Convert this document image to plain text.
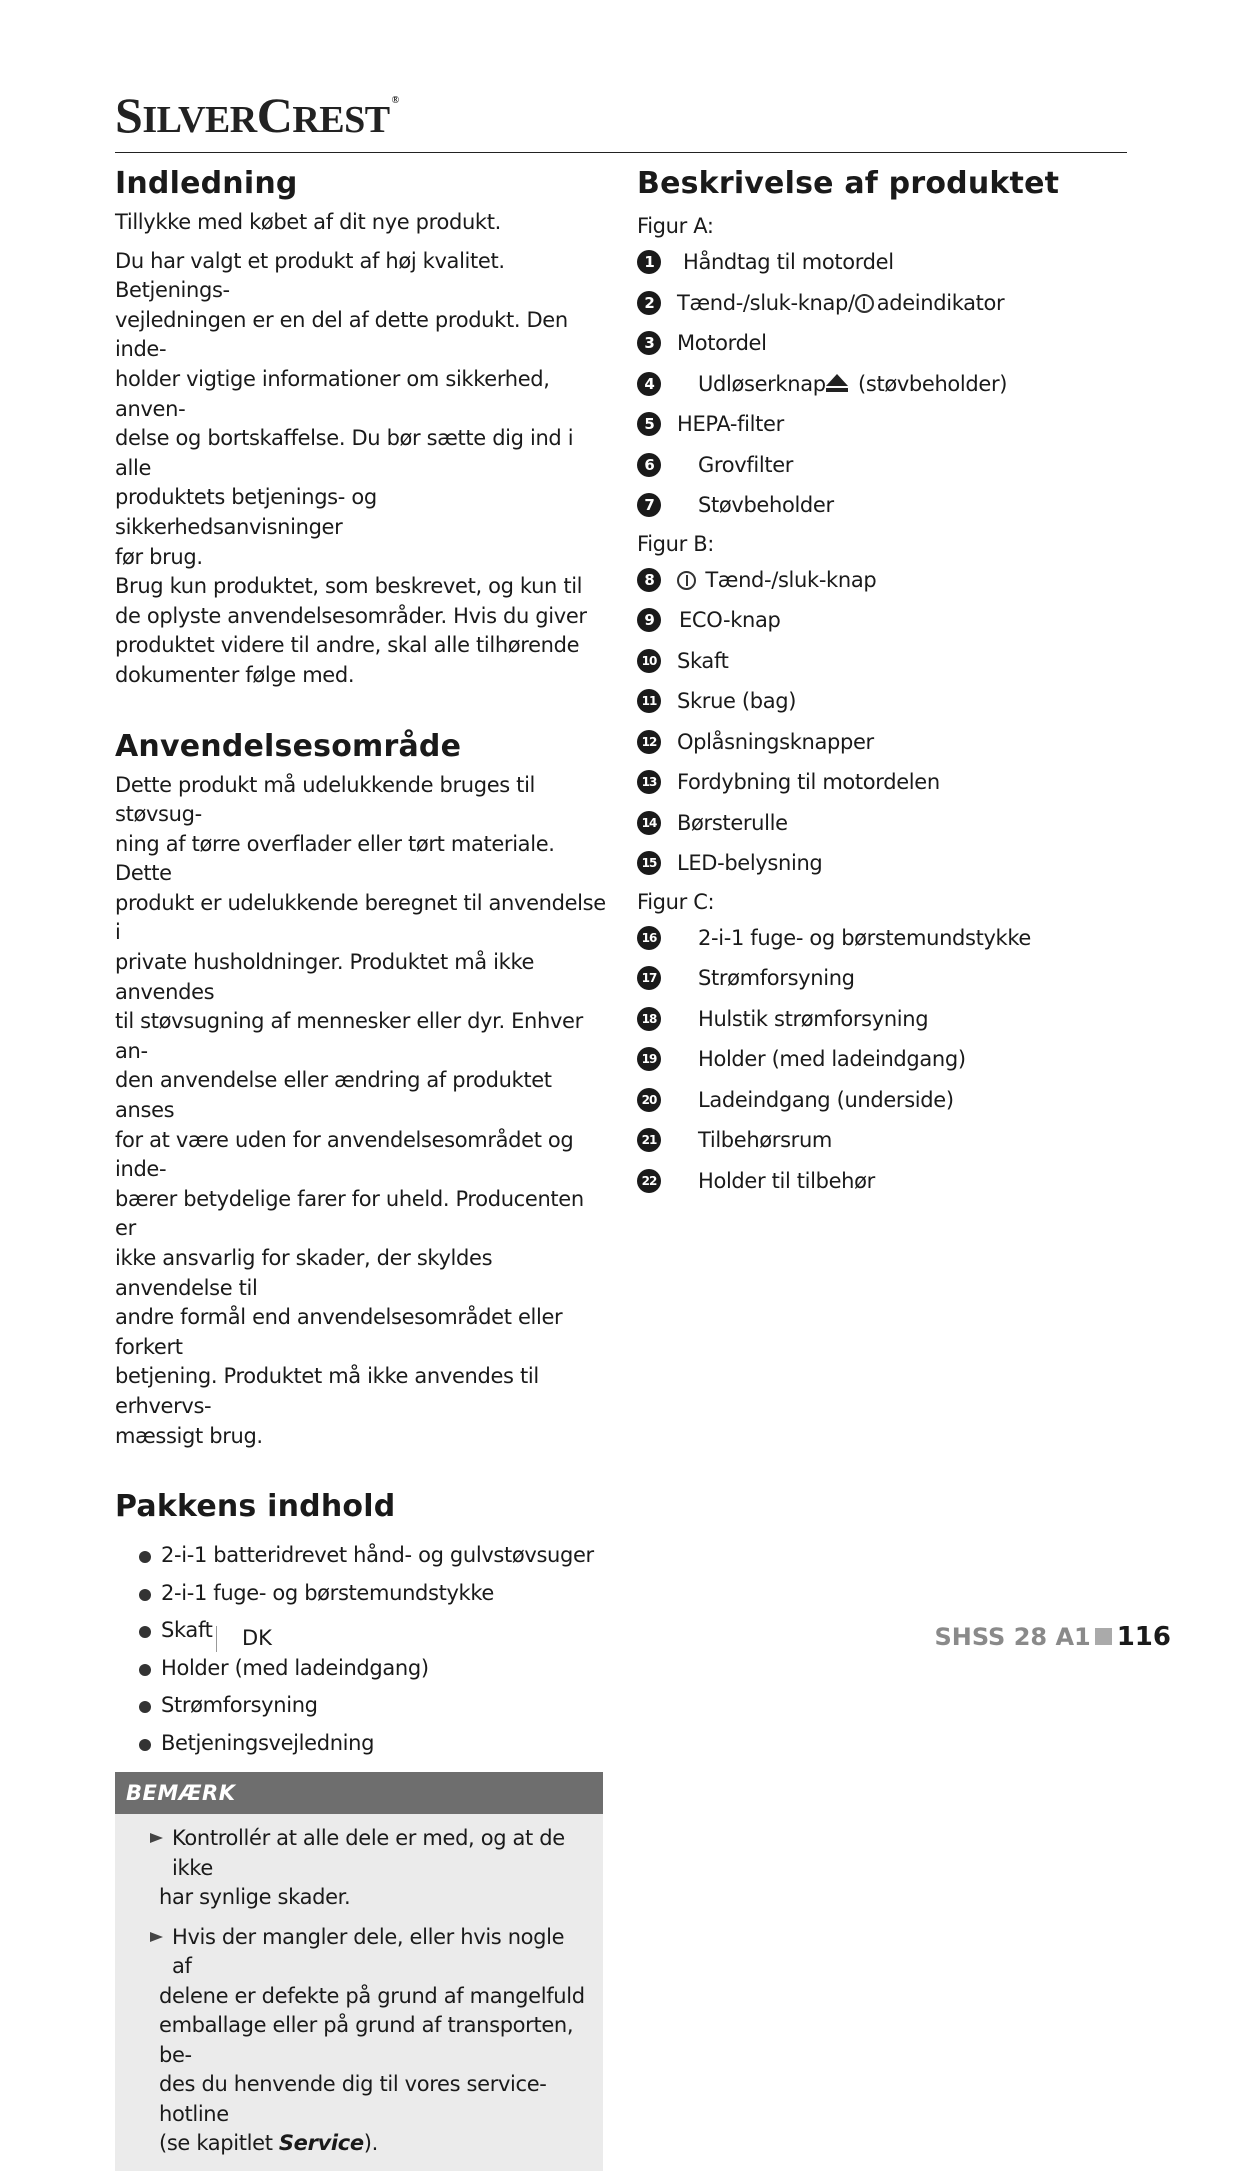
SILVERCREST ®
Indledning

Tillykke med købet af dit nye produkt.

Du har valgt et produkt af høj kvalitet. Betjenings-
vejledningen er en del af dette produkt. Den inde-
holder vigtige informationer om sikkerhed, anven-
delse og bortskaffelse. Du bør sætte dig ind i alle
produktets betjenings- og sikkerhedsanvisninger
før brug.
Brug kun produktet, som beskrevet, og kun til
de oplyste anvendelsesområder. Hvis du giver
produktet videre til andre, skal alle tilhørende
dokumenter følge med.
Anvendelsesområde
Dette produkt må udelukkende bruges til støvsug-
ning af tørre overflader eller tørt materiale. Dette
produkt er udelukkende beregnet til anvendelse i
private husholdninger. Produktet må ikke anvendes
til støvsugning af mennesker eller dyr. Enhver an-
den anvendelse eller ændring af produktet anses
for at være uden for anvendelsesområdet og inde-
bærer betydelige farer for uheld. Producenten er
ikke ansvarlig for skader, der skyldes anvendelse til
andre formål end anvendelsesområdet eller forkert
betjening. Produktet må ikke anvendes til erhvervs-
mæssigt brug.
Pakkens indhold
2-i-1 batteridrevet hånd- og gulvstøvsuger
2-i-1 fuge- og børstemundstykke
Skaft
Holder (med ladeindgang)
Strømforsyning
Betjeningsvejledning
BEMÆRK
Kontrollér at alle dele er med, og at de ikke
har synlige skader.
Hvis der mangler dele, eller hvis nogle af
delene er defekte på grund af mangelfuld
emballage eller på grund af transporten, be-
des du henvende dig til vores service-hotline
(se kapitlet Service).
Beskrivelse af produktet
Figur A:
1	Håndtag til motordel
2	Tænd-/sluk-knap/ adeindikator
3	Motordel
4	Udløserknap (støvbeholder)
5	HEPA-filter
6	Grovfilter
7	Støvbeholder
Figur B:
8	Tænd-/sluk-knap
9	ECO-knap
10 Skaft
11 Skrue (bag)
12 Oplåsningsknapper
13 Fordybning til motordelen
14 Børsterulle
15 LED-belysning
Figur C:
16 2-i-1 fuge- og børstemundstykke
17 Strømforsyning
18 Hulstik strømforsyning
19 Holder (med ladeindgang)
20 Ladeindgang (underside)
21 Tilbehørsrum
22 Holder til tilbehør
DK	SHSS 28 A1 116
